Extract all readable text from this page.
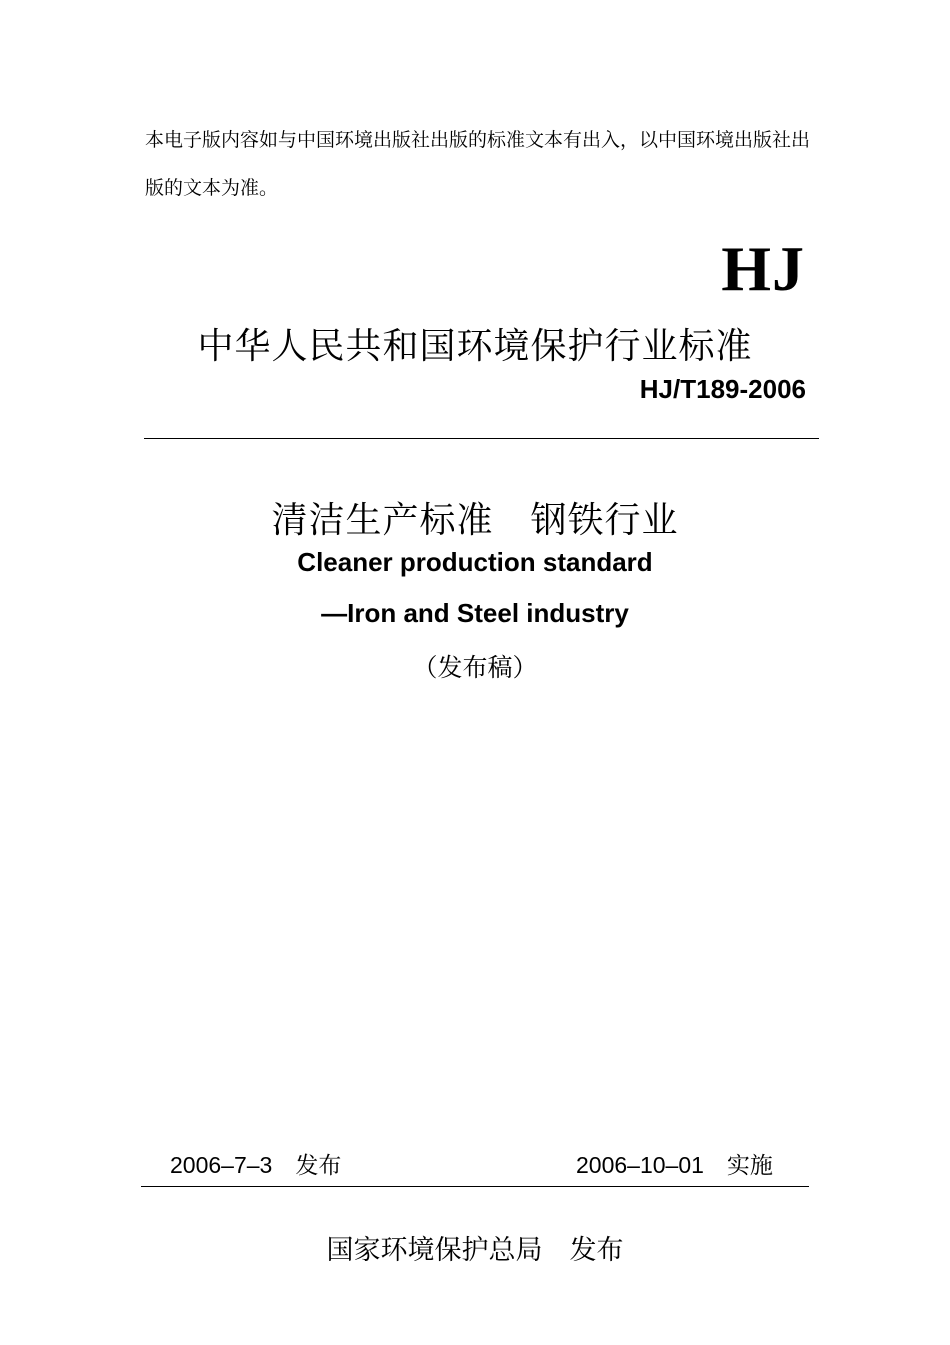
本电子版内容如与中国环境出版社出版的标准文本有出入，以中国环境出版社出版的文本为准。
HJ
中华人民共和国环境保护行业标准
HJ/T189-2006
清洁生产标准　钢铁行业
Cleaner production standard
—Iron and Steel industry
（发布稿）
2006–7–3　发布	2006–10–01　实施
国家环境保护总局　发布
